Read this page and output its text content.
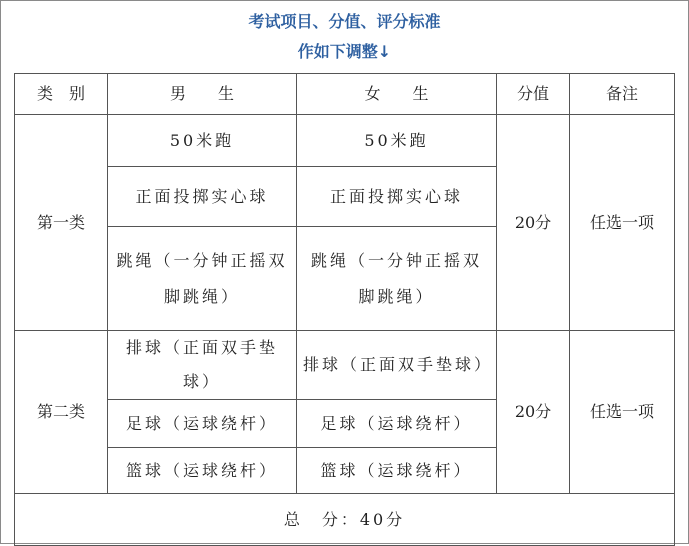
考试项目、分值、评分标准
作如下调整↓
类　别	男　　生	女　　生	分值	备注
第一类	50米跑	50米跑	20分	任选一项
	正面投掷实心球	正面投掷实心球		
	跳绳（一分钟正摇双脚跳绳）	跳绳（一分钟正摇双脚跳绳）		
第二类	排球（正面双手垫球）	排球（正面双手垫球）	20分	任选一项
	足球（运球绕杆）	足球（运球绕杆）		
	篮球（运球绕杆）	篮球（运球绕杆）		
总　分：40分				
